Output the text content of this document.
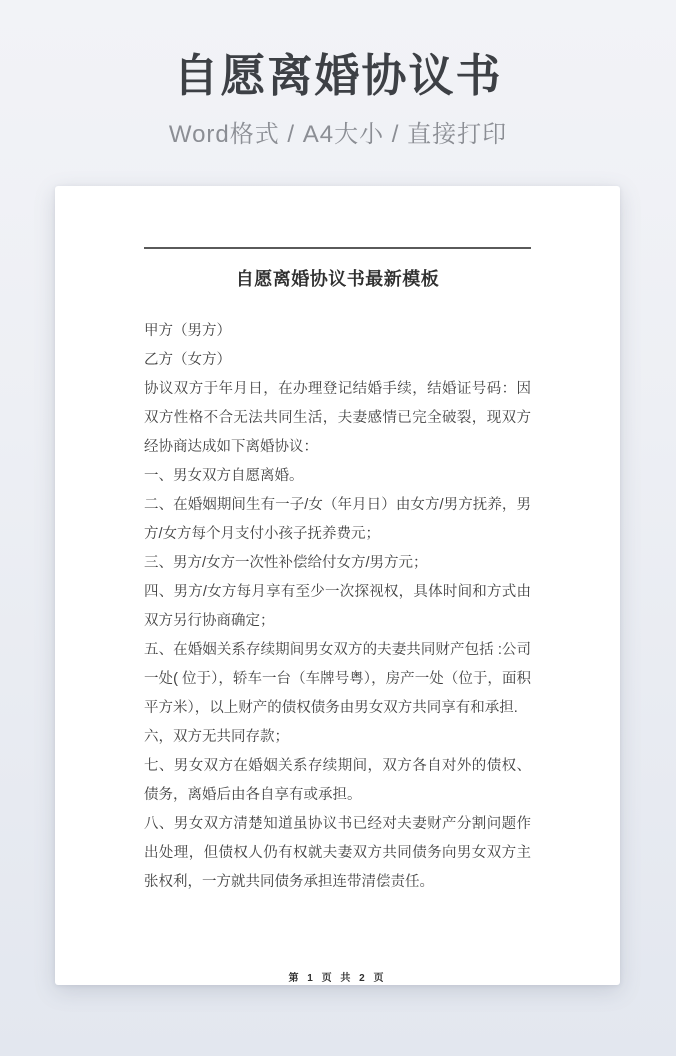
自愿离婚协议书
Word格式 / A4大小 / 直接打印
自愿离婚协议书最新模板

甲方（男方）

乙方（女方）

协议双方于年月日，在办理登记结婚手续，结婚证号码：因双方性格不合无法共同生活，夫妻感情已完全破裂，现双方经协商达成如下离婚协议：

一、男女双方自愿离婚。

二、在婚姻期间生有一子/女（年月日）由女方/男方抚养，男方/女方每个月支付小孩子抚养费元；

三、男方/女方一次性补偿给付女方/男方元；

四、男方/女方每月享有至少一次探视权，具体时间和方式由双方另行协商确定；

五、在婚姻关系存续期间男女双方的夫妻共同财产包括 :公司一处( 位于），轿车一台（车牌号粤），房产一处（位于，面积平方米），以上财产的债权债务由男女双方共同享有和承担.

六，双方无共同存款；

七、男女双方在婚姻关系存续期间，双方各自对外的债权、债务，离婚后由各自享有或承担。

八、男女双方清楚知道虽协议书已经对夫妻财产分割问题作出处理，但债权人仍有权就夫妻双方共同债务向男女双方主张权利，一方就共同债务承担连带清偿责任。

第 1 页 共 2 页
